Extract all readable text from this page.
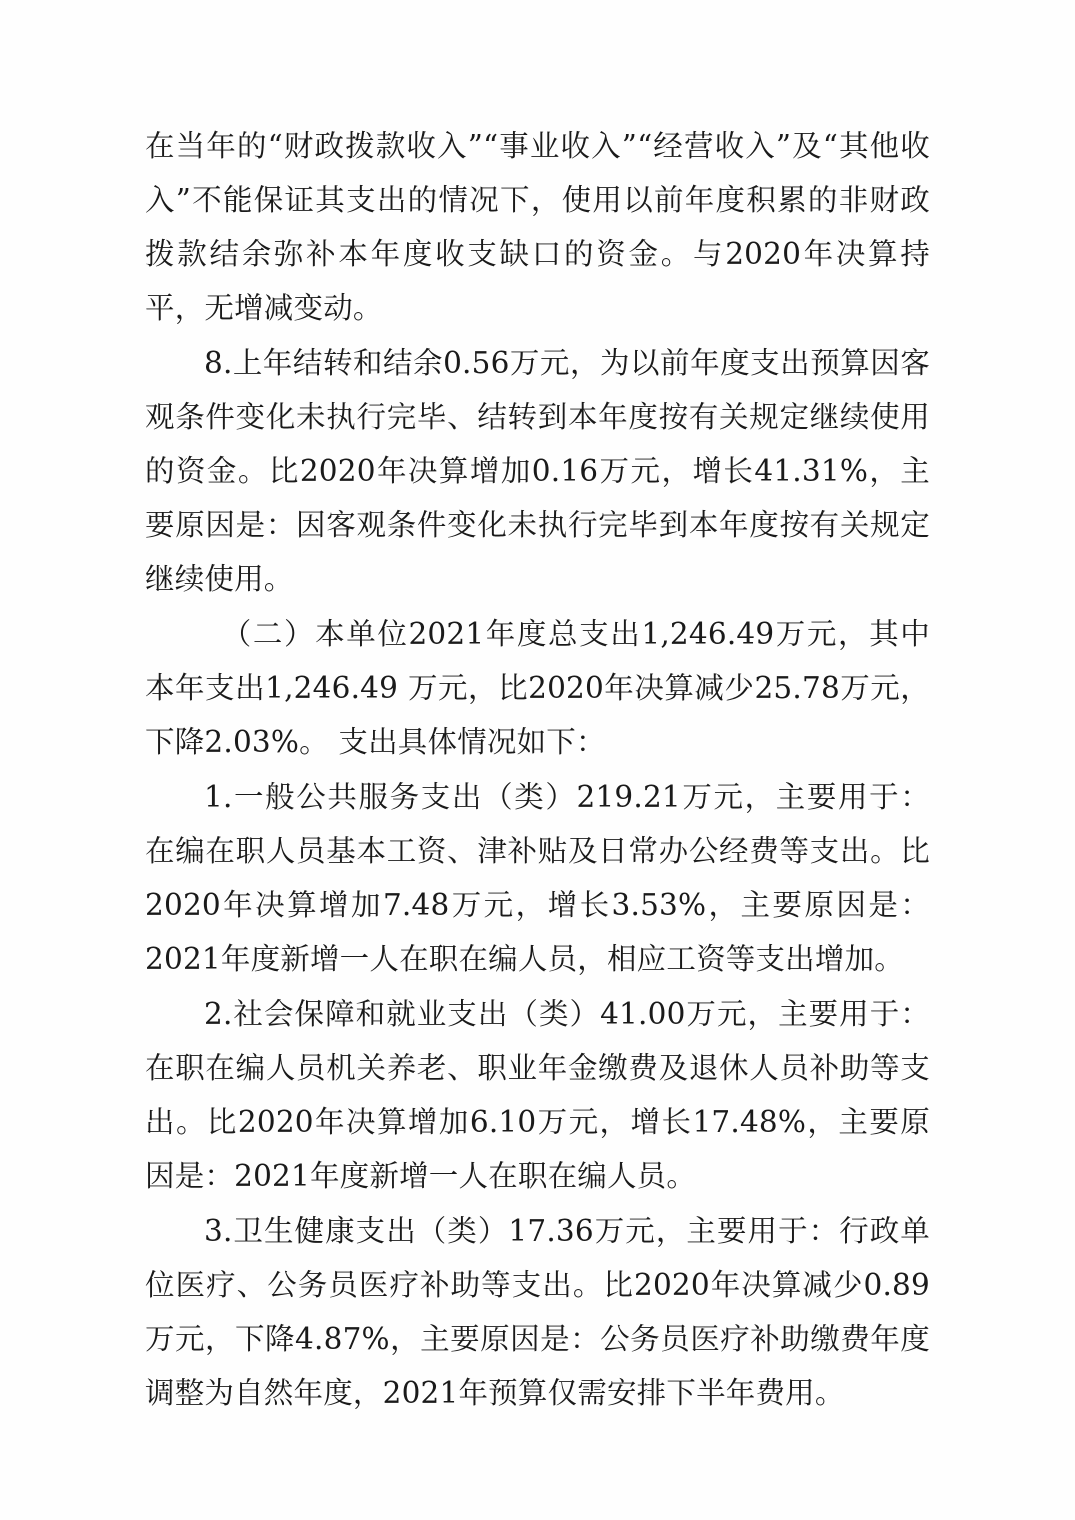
在当年的“财政拨款收入”“事业收入”“经营收入”及“其他收入”不能保证其支出的情况下，使用以前年度积累的非财政拨款结余弥补本年度收支缺口的资金。与2020年决算持平，无增减变动。

8.上年结转和结余0.56万元，为以前年度支出预算因客观条件变化未执行完毕、结转到本年度按有关规定继续使用的资金。比2020年决算增加0.16万元，增长41.31%，主要原因是：因客观条件变化未执行完毕到本年度按有关规定继续使用。

（二）本单位2021年度总支出1,246.49万元，其中本年支出1,246.49 万元，比2020年决算减少25.78万元，下降2.03%。 支出具体情况如下：

1.一般公共服务支出（类）219.21万元，主要用于：在编在职人员基本工资、津补贴及日常办公经费等支出。比2020年决算增加7.48万元，增长3.53%，主要原因是：2021年度新增一人在职在编人员，相应工资等支出增加。

2.社会保障和就业支出（类）41.00万元，主要用于：在职在编人员机关养老、职业年金缴费及退休人员补助等支出。比2020年决算增加6.10万元，增长17.48%，主要原因是：2021年度新增一人在职在编人员。

3.卫生健康支出（类）17.36万元，主要用于：行政单位医疗、公务员医疗补助等支出。比2020年决算减少0.89万元，下降4.87%，主要原因是：公务员医疗补助缴费年度调整为自然年度，2021年预算仅需安排下半年费用。
